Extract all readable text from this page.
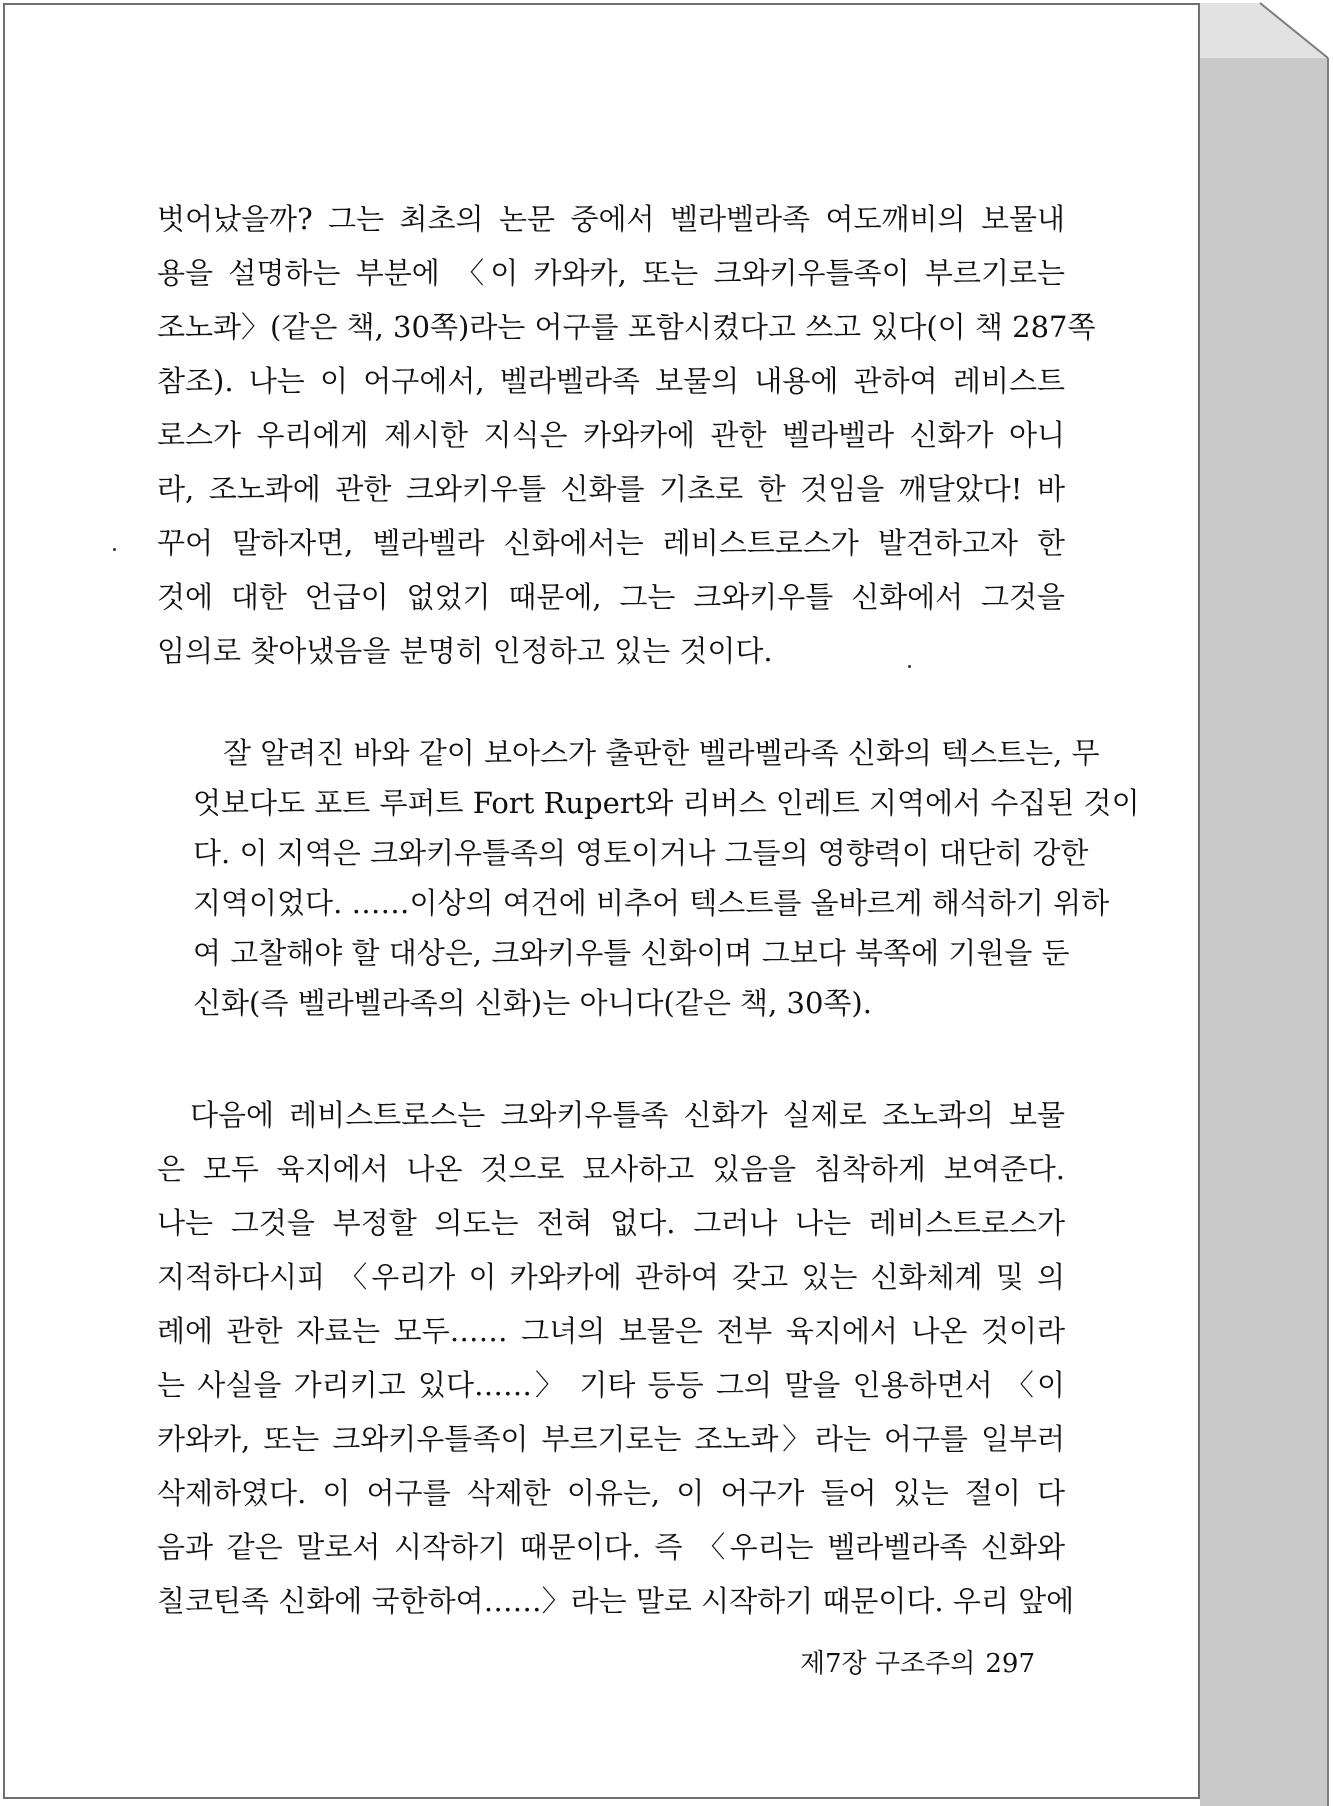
벗어났을까? 그는 최초의 논문 중에서 벨라벨라족 여도깨비의 보물내
용을 설명하는 부분에 〈이 카와카, 또는 크와키우틀족이 부르기로는
조노콰〉(같은 책, 30쪽)라는 어구를 포함시켰다고 쓰고 있다(이 책 287쪽
참조). 나는 이 어구에서, 벨라벨라족 보물의 내용에 관하여 레비스트
로스가 우리에게 제시한 지식은 카와카에 관한 벨라벨라 신화가 아니
라, 조노콰에 관한 크와키우틀 신화를 기초로 한 것임을 깨달았다! 바
꾸어 말하자면, 벨라벨라 신화에서는 레비스트로스가 발견하고자 한
것에 대한 언급이 없었기 때문에, 그는 크와키우틀 신화에서 그것을
임의로 찾아냈음을 분명히 인정하고 있는 것이다.
잘 알려진 바와 같이 보아스가 출판한 벨라벨라족 신화의 텍스트는, 무
엇보다도 포트 루퍼트 Fort Rupert와 리버스 인레트 지역에서 수집된 것이
다. 이 지역은 크와키우틀족의 영토이거나 그들의 영향력이 대단히 강한
지역이었다. ……이상의 여건에 비추어 텍스트를 올바르게 해석하기 위하
여 고찰해야 할 대상은, 크와키우틀 신화이며 그보다 북쪽에 기원을 둔
신화(즉 벨라벨라족의 신화)는 아니다(같은 책, 30쪽).
다음에 레비스트로스는 크와키우틀족 신화가 실제로 조노콰의 보물
은 모두 육지에서 나온 것으로 묘사하고 있음을 침착하게 보여준다.
나는 그것을 부정할 의도는 전혀 없다. 그러나 나는 레비스트로스가
지적하다시피 〈우리가 이 카와카에 관하여 갖고 있는 신화체계 및 의
례에 관한 자료는 모두…… 그녀의 보물은 전부 육지에서 나온 것이라
는 사실을 가리키고 있다……〉 기타 등등 그의 말을 인용하면서 〈이
카와카, 또는 크와키우틀족이 부르기로는 조노콰〉라는 어구를 일부러
삭제하였다. 이 어구를 삭제한 이유는, 이 어구가 들어 있는 절이 다
음과 같은 말로서 시작하기 때문이다. 즉 〈우리는 벨라벨라족 신화와
칠코틴족 신화에 국한하여……〉라는 말로 시작하기 때문이다. 우리 앞에
제7장 구조주의 297
